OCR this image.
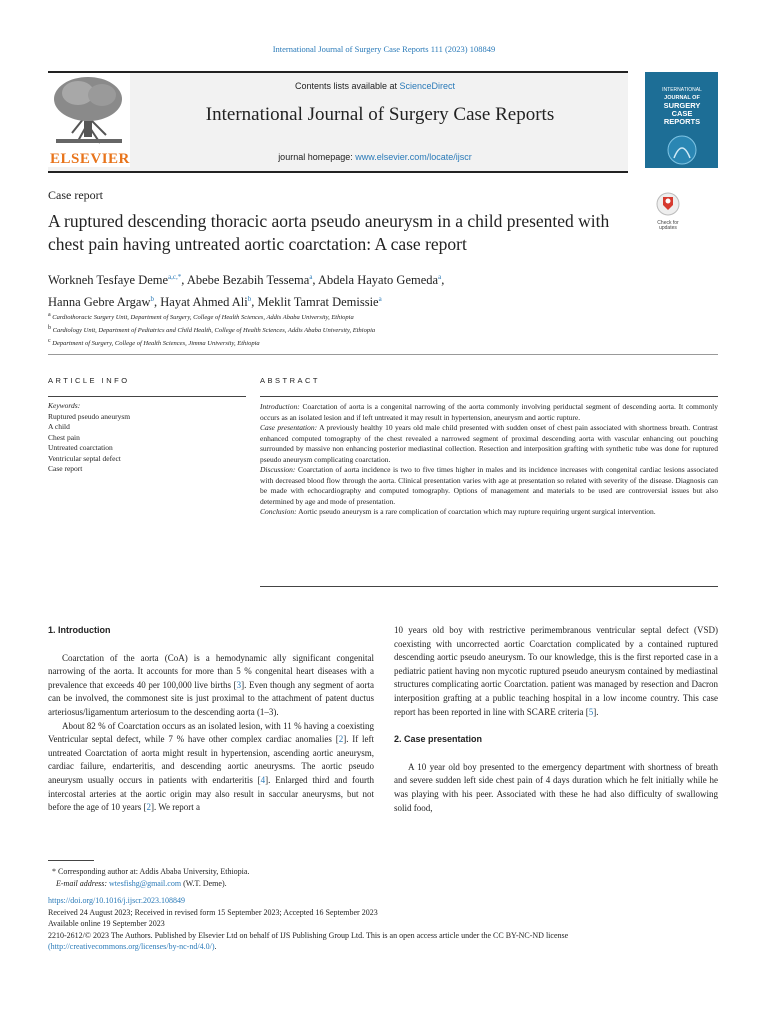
International Journal of Surgery Case Reports 111 (2023) 108849
ELSEVIER
Contents lists available at ScienceDirect
International Journal of Surgery Case Reports
journal homepage: www.elsevier.com/locate/ijscr
INTERNATIONAL
JOURNAL OF
SURGERY
CASE
REPORTS
Case report
A ruptured descending thoracic aorta pseudo aneurysm in a child presented with chest pain having untreated aortic coarctation: A case report
Check for updates
Workneh Tesfaye Deme$^{a,c,*}$, Abebe Bezabih Tessema$^a$, Abdela Hayato Gemeda$^a$,
Hanna Gebre Argaw$^b$, Hayat Ahmed Ali$^b$, Meklit Tamrat Demissie$^a$
a Cardiothoracic Surgery Unit, Department of Surgery, College of Health Sciences, Addis Ababa University, Ethiopia
b Cardiology Unit, Department of Pediatrics and Child Health, College of Health Sciences, Addis Ababa University, Ethiopia
c Department of Surgery, College of Health Sciences, Jimma University, Ethiopia
ARTICLE INFO	ABSTRACT
Keywords:
Ruptured pseudo aneurysm
A child
Chest pain
Untreated coarctation
Ventricular septal defect
Case report

Introduction: Coarctation of aorta is a congenital narrowing of the aorta commonly involving periductal segment of descending aorta. It commonly occurs as an isolated lesion and if left untreated it may result in hypertension, aneurysm and aortic rupture.

Case presentation: A previously healthy 10 years old male child presented with sudden onset of chest pain associated with shortness breath. Contrast enhanced computed tomography of the chest revealed a narrowed segment of proximal descending aorta with vascular enhancing out pouching surrounded by massive non enhancing posterior mediastinal collection. Resection and interposition grafting with synthetic tube was done for ruptured pseudo aneurysm complicating coarctation.

Discussion: Coarctation of aorta incidence is two to five times higher in males and its incidence increases with congenital cardiac lesions associated with decreased blood flow through the aorta. Clinical presentation varies with age at presentation so related with severity of the disease. Diagnosis can be made with echocardiography and computed tomography. Options of management and materials to be used are controversial issues but also determined by age and mode of presentation.

Conclusion: Aortic pseudo aneurysm is a rare complication of coarctation which may rupture requiring urgent surgical intervention.

1. Introduction

Coarctation of the aorta (CoA) is a hemodynamic ally significant congenital narrowing of the aorta. It accounts for more than 5 % congenital heart diseases with a prevalence that exceeds 40 per 100,000 live births [3]. Even though any segment of aorta can be involved, the commonest site is just proximal to the attachment of patent ductus arteriosus/ligamentum arteriosum to the descending aorta (1–3).

About 82 % of Coarctation occurs as an isolated lesion, with 11 % having a coexisting Ventricular septal defect, while 7 % have other complex cardiac anomalies [2]. If left untreated Coarctation of aorta might result in hypertension, ascending aortic aneurysm, cardiac failure, endarteritis, and descending aortic aneurysms. The aortic pseudo aneurysm usually occurs in patients with endarteritis [4]. Enlarged third and fourth intercostal arteries at the aortic origin may also result in saccular aneurysms, but not before the age of 10 years [2]. We report a

10 years old boy with restrictive perimembranous ventricular septal defect (VSD) coexisting with uncorrected aortic Coarctation complicated by a contained ruptured descending aortic pseudo aneurysm. To our knowledge, this is the first reported case in a pediatric patient having non mycotic ruptured pseudo aneurysm contained by mediastinal structures complicating aortic Coarctation. patient was managed by resection and Dacron interposition grafting at a public teaching hospital in a low income country. This case report has been reported in line with SCARE criteria [5].

2. Case presentation

A 10 year old boy presented to the emergency department with shortness of breath and severe sudden left side chest pain of 4 days duration which he felt initially while he was playing with his peer. Associated with these he had also difficulty of swallowing solid food,

* Corresponding author at: Addis Ababa University, Ethiopia.

E-mail address: wtesfishg@gmail.com (W.T. Deme).

https://doi.org/10.1016/j.ijscr.2023.108849

Received 24 August 2023; Received in revised form 15 September 2023; Accepted 16 September 2023

Available online 19 September 2023

2210-2612/© 2023 The Authors. Published by Elsevier Ltd on behalf of IJS Publishing Group Ltd. This is an open access article under the CC BY-NC-ND license
(http://creativecommons.org/licenses/by-nc-nd/4.0/).
